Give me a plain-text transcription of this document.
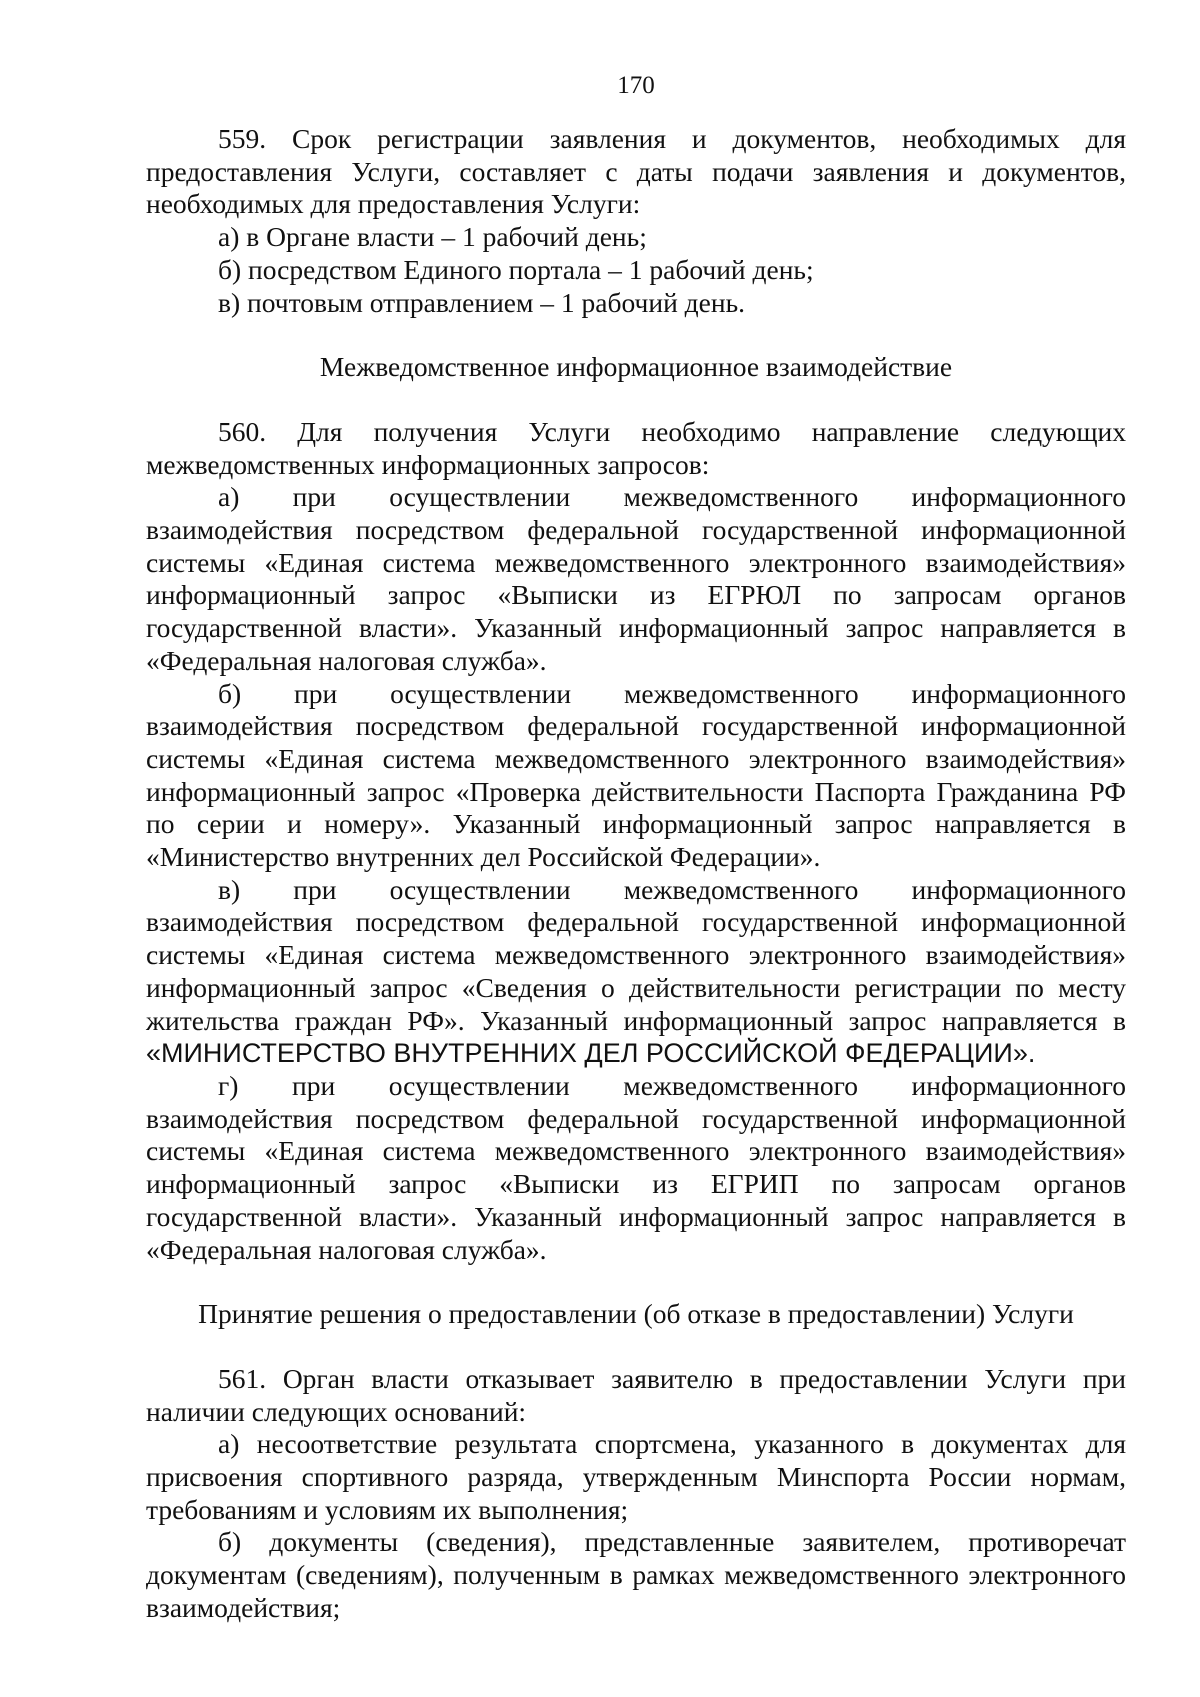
170

559. Срок регистрации заявления и документов, необходимых для предоставления Услуги, составляет с даты подачи заявления и документов, необходимых для предоставления Услуги:

а) в Органе власти – 1 рабочий день;

б) посредством Единого портала – 1 рабочий день;

в) почтовым отправлением – 1 рабочий день.

Межведомственное информационное взаимодействие

560. Для получения Услуги необходимо направление следующих межведомственных информационных запросов:

а) при осуществлении межведомственного информационного взаимодействия посредством федеральной государственной информационной системы «Единая система межведомственного электронного взаимодействия» информационный запрос «Выписки из ЕГРЮЛ по запросам органов государственной власти». Указанный информационный запрос направляется в «Федеральная налоговая служба».

б) при осуществлении межведомственного информационного взаимодействия посредством федеральной государственной информационной системы «Единая система межведомственного электронного взаимодействия» информационный запрос «Проверка действительности Паспорта Гражданина РФ по серии и номеру». Указанный информационный запрос направляется в «Министерство внутренних дел Российской Федерации».

в) при осуществлении межведомственного информационного взаимодействия посредством федеральной государственной информационной системы «Единая система межведомственного электронного взаимодействия» информационный запрос «Сведения о действительности регистрации по месту жительства граждан РФ». Указанный информационный запрос направляется в «МИНИСТЕРСТВО ВНУТРЕННИХ ДЕЛ РОССИЙСКОЙ ФЕДЕРАЦИИ».

г) при осуществлении межведомственного информационного взаимодействия посредством федеральной государственной информационной системы «Единая система межведомственного электронного взаимодействия» информационный запрос «Выписки из ЕГРИП по запросам органов государственной власти». Указанный информационный запрос направляется в «Федеральная налоговая служба».

Принятие решения о предоставлении (об отказе в предоставлении) Услуги

561. Орган власти отказывает заявителю в предоставлении Услуги при наличии следующих оснований:

а) несоответствие результата спортсмена, указанного в документах для присвоения спортивного разряда, утвержденным Минспорта России нормам, требованиям и условиям их выполнения;

б) документы (сведения), представленные заявителем, противоречат документам (сведениям), полученным в рамках межведомственного электронного взаимодействия;
